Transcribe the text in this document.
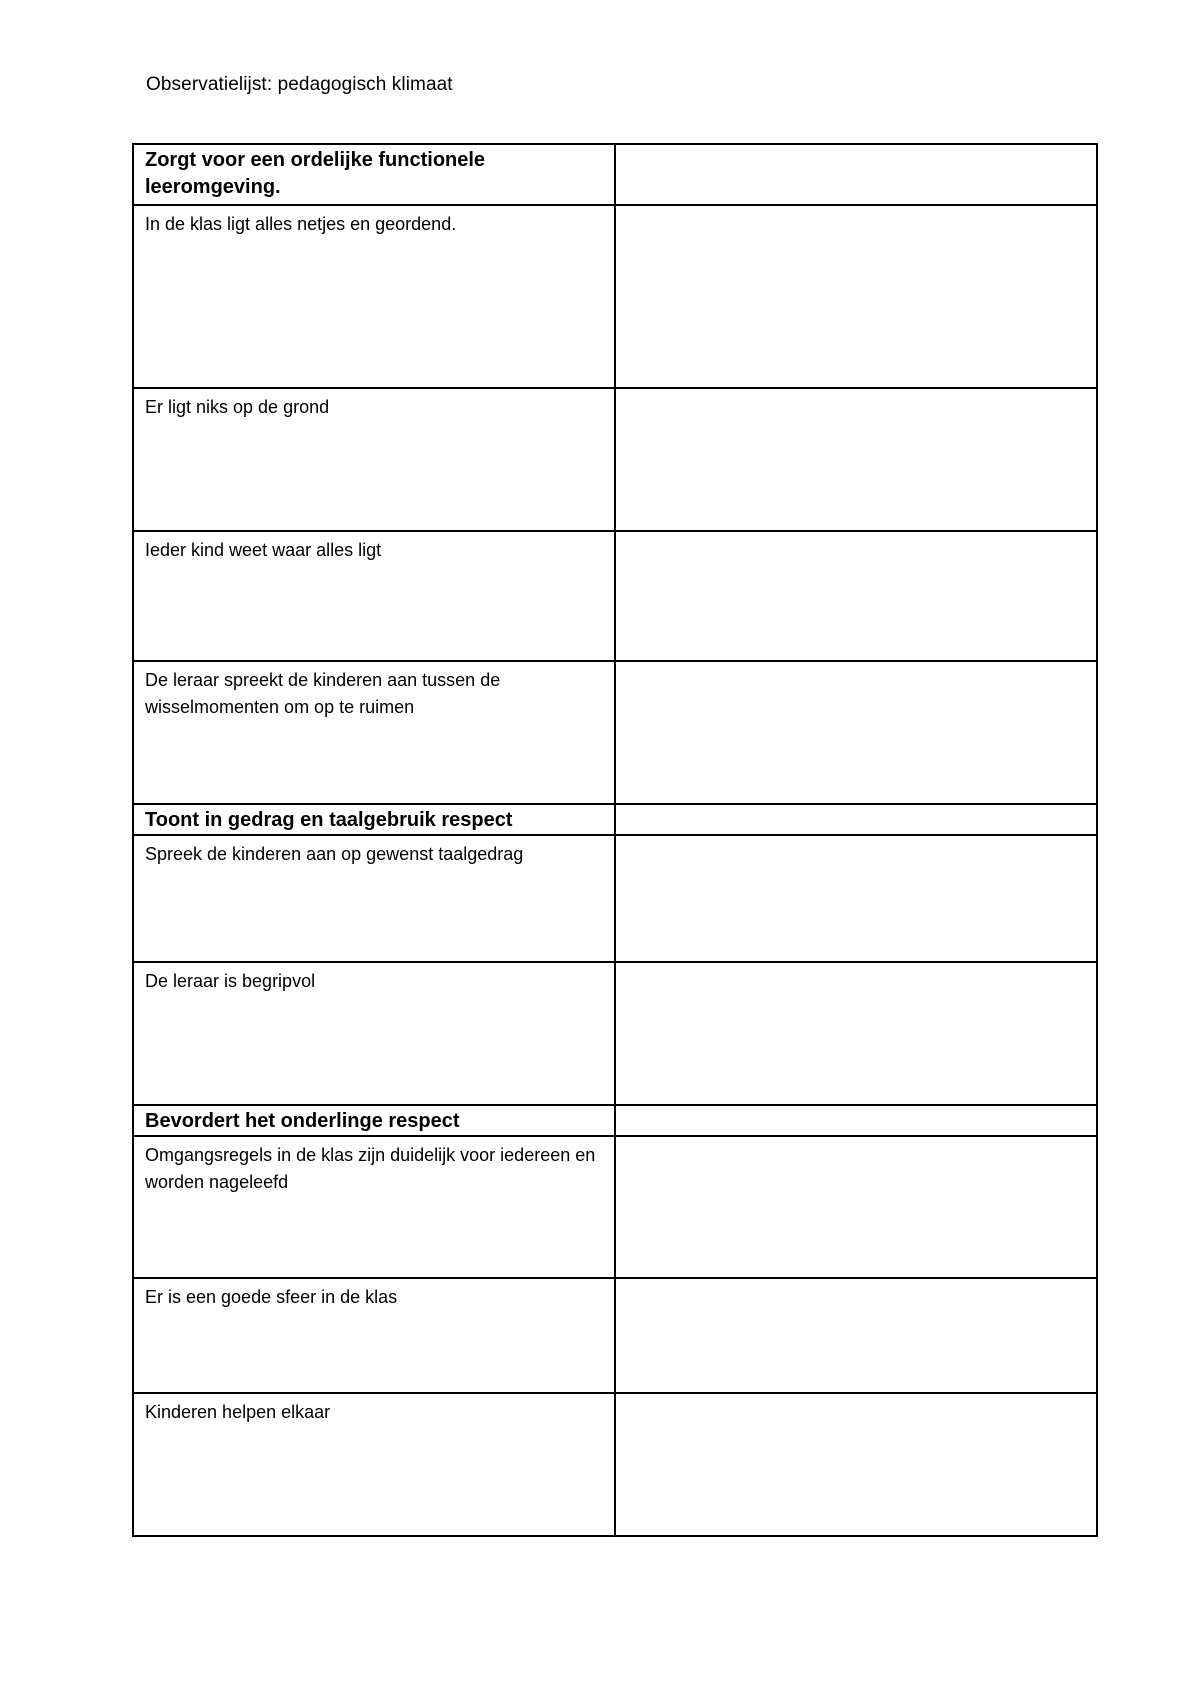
Observatielijst: pedagogisch klimaat
Zorgt voor een ordelijke functionele leeromgeving.	
In de klas ligt alles netjes en geordend.	
Er ligt niks op de grond	
Ieder kind weet waar alles ligt	
De leraar spreekt de kinderen aan tussen de wisselmomenten om op te ruimen	
Toont in gedrag en taalgebruik respect	
Spreek de kinderen aan op gewenst taalgedrag	
De leraar is begripvol	
Bevordert het onderlinge respect	
Omgangsregels in de klas zijn duidelijk voor iedereen en worden nageleefd	
Er is een goede sfeer in de klas	
Kinderen helpen elkaar	
